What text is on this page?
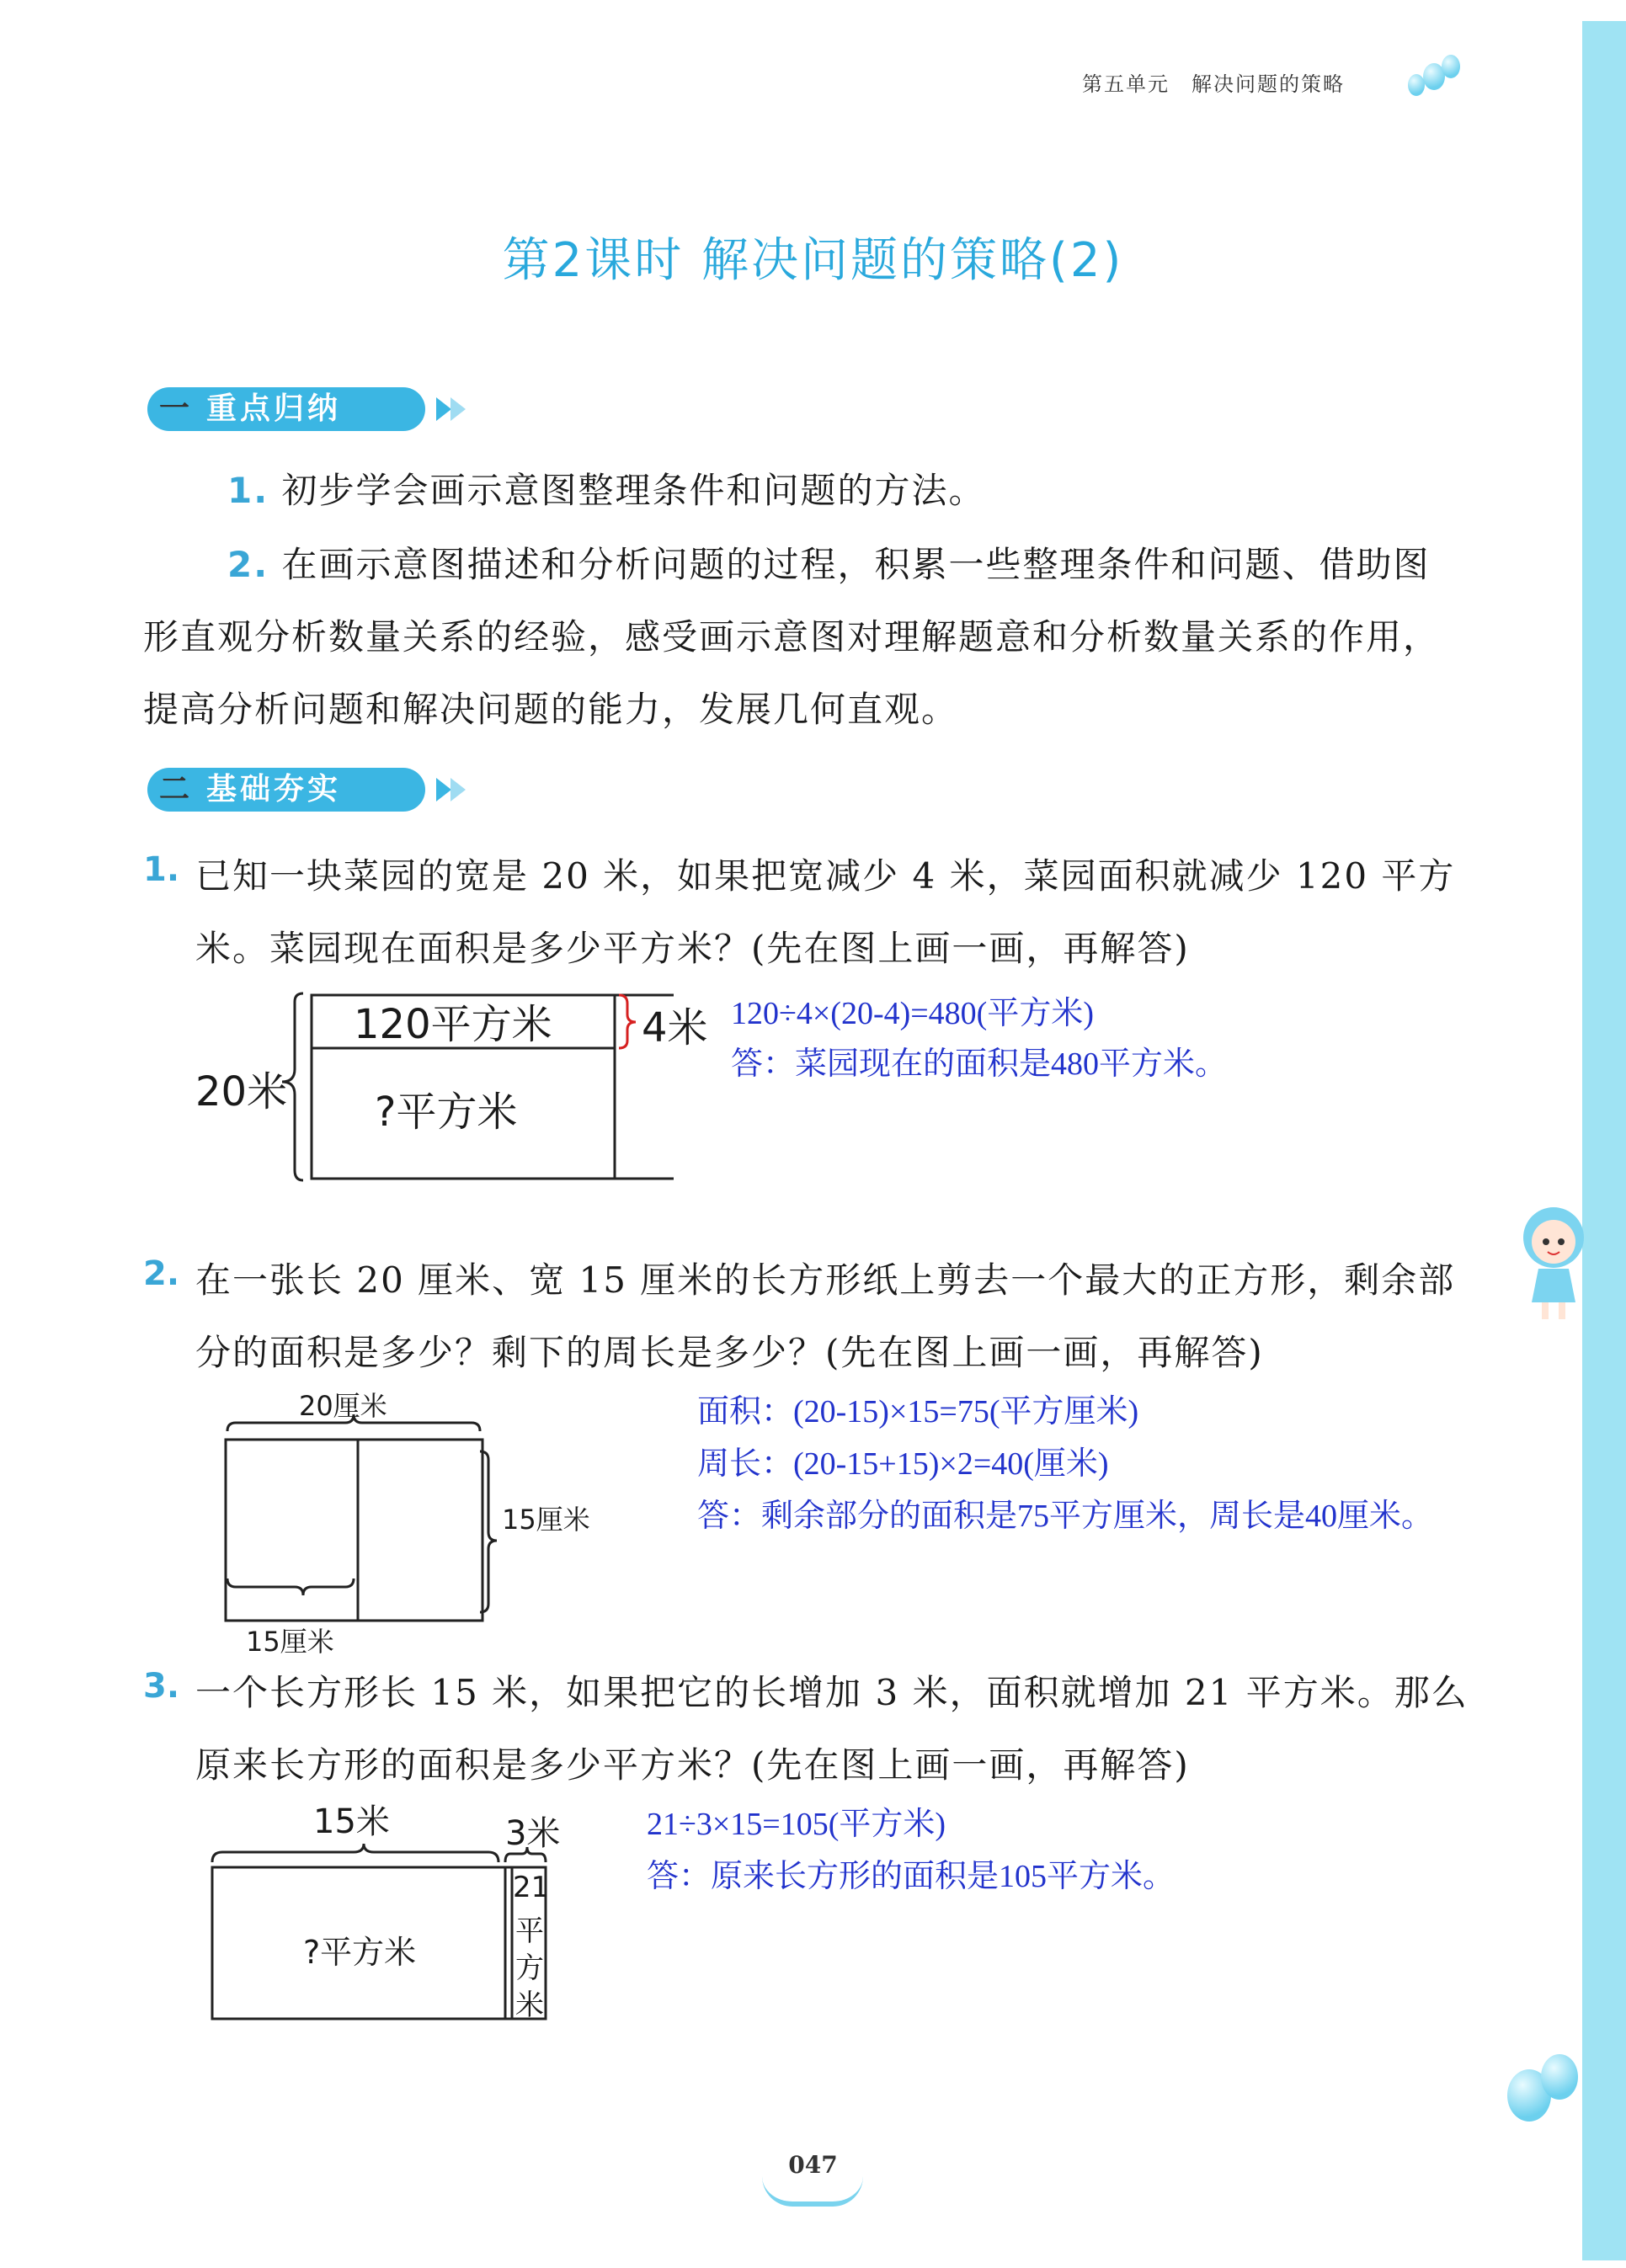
第五单元　解决问题的策略
第2课时 解决问题的策略(2)
一 重点归纳
1. 初步学会画示意图整理条件和问题的方法。
2. 在画示意图描述和分析问题的过程，积累一些整理条件和问题、借助图
形直观分析数量关系的经验，感受画示意图对理解题意和分析数量关系的作用，
提高分析问题和解决问题的能力，发展几何直观。
二 基础夯实
1. 已知一块菜园的宽是 20 米，如果把宽减少 4 米，菜园面积就减少 120 平方
米。菜园现在面积是多少平方米？(先在图上画一画，再解答)
120平方米 4米
20米 ?平方米
120÷4×(20-4)=480(平方米)
答：菜园现在的面积是480平方米。
2. 在一张长 20 厘米、宽 15 厘米的长方形纸上剪去一个最大的正方形，剩余部
分的面积是多少？剩下的周长是多少？(先在图上画一画，再解答)
20厘米
15厘米
15厘米
面积：(20-15)×15=75(平方厘米)
周长：(20-15+15)×2=40(厘米)
答：剩余部分的面积是75平方厘米，周长是40厘米。
3. 一个长方形长 15 米，如果把它的长增加 3 米，面积就增加 21 平方米。那么
原来长方形的面积是多少平方米？(先在图上画一画，再解答)
15米	3米
?平方米
21
平
方
米
21÷3×15=105(平方米)
答：原来长方形的面积是105平方米。
047
